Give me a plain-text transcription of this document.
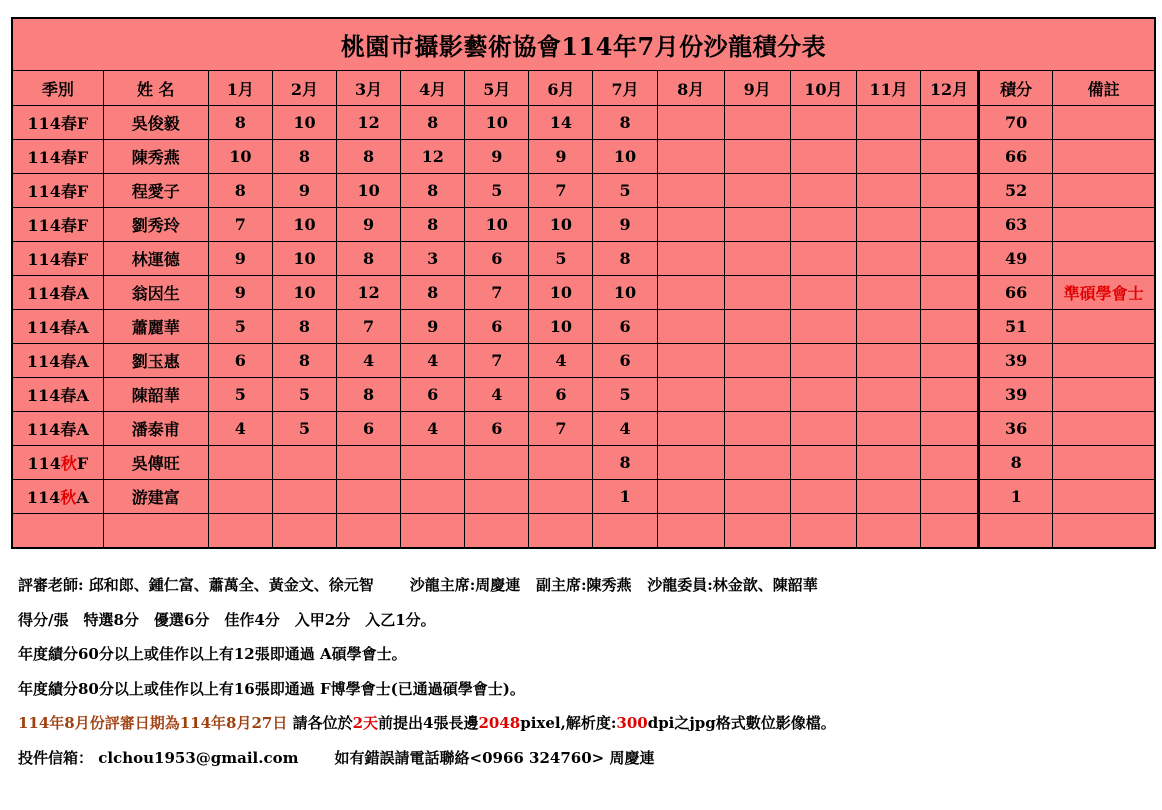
桃園市攝影藝術協會114年7月份沙龍積分表															
季別	姓 名	1月	2月	3月	4月	5月	6月	7月	8月	9月	10月	11月	12月	積分	備註
114春F	吳俊毅	8	10	12	8	10	14	8						70	
114春F	陳秀燕	10	8	8	12	9	9	10						66	
114春F	程愛子	8	9	10	8	5	7	5						52	
114春F	劉秀玲	7	10	9	8	10	10	9						63	
114春F	林運德	9	10	8	3	6	5	8						49	
114春A	翁因生	9	10	12	8	7	10	10						66	準碩學會士
114春A	蕭麗華	5	8	7	9	6	10	6						51	
114春A	劉玉惠	6	8	4	4	7	4	6						39	
114春A	陳韶華	5	5	8	6	4	6	5						39	
114春A	潘泰甫	4	5	6	4	6	7	4						36	
114秋F	吳傳旺							8						8	
114秋A	游建富							1						1	

評審老師: 邱和郎、鍾仁富、蕭萬全、黃金文、徐元智 沙龍主席:周慶連 副主席:陳秀燕 沙龍委員:林金歆、陳韶華
得分/張　特選8分　優選6分　佳作4分　入甲2分　入乙1分。
年度績分60分以上或佳作以上有12張即通過 A碩學會士。
年度績分80分以上或佳作以上有16張即通過 F博學會士(已通過碩學會士)。
114年8月份評審日期為114年8月27日 請各位於2天前提出4張長邊2048pixel,解析度:300dpi之jpg格式數位影像檔。
投件信箱： clchou1953@gmail.com 如有錯誤請電話聯絡<0966 324760> 周慶連
